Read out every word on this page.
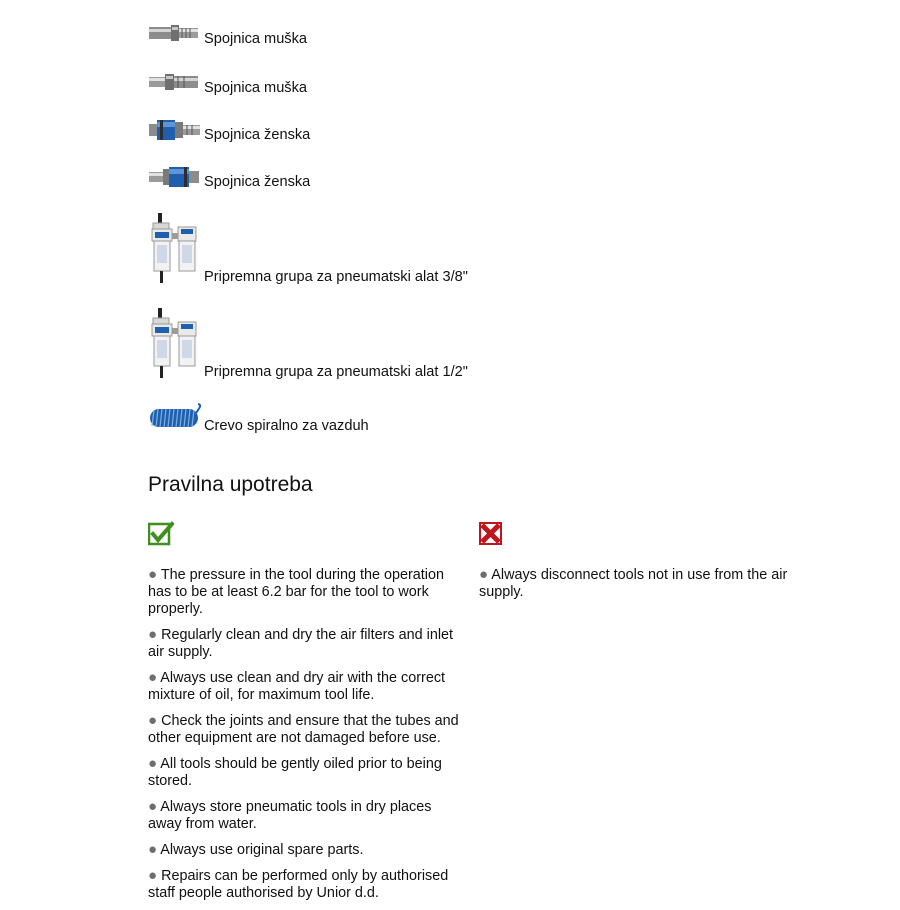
Spojnica muška
Spojnica muška
Spojnica ženska
Spojnica ženska
Pripremna grupa za pneumatski alat 3/8"
Pripremna grupa za pneumatski alat 1/2"
Crevo spiralno za vazduh
Pravilna upotreba

● The pressure in the tool during the operation has to be at least 6.2 bar for the tool to work properly.

● Regularly clean and dry the air filters and inlet air supply.

● Always use clean and dry air with the correct mixture of oil, for maximum tool life.

● Check the joints and ensure that the tubes and other equipment are not damaged before use.

● All tools should be gently oiled prior to being stored.

● Always store pneumatic tools in dry places away from water.

● Always use original spare parts.

● Repairs can be performed only by authorised staff people authorised by Unior d.d.

● Always disconnect tools not in use from the air supply.
